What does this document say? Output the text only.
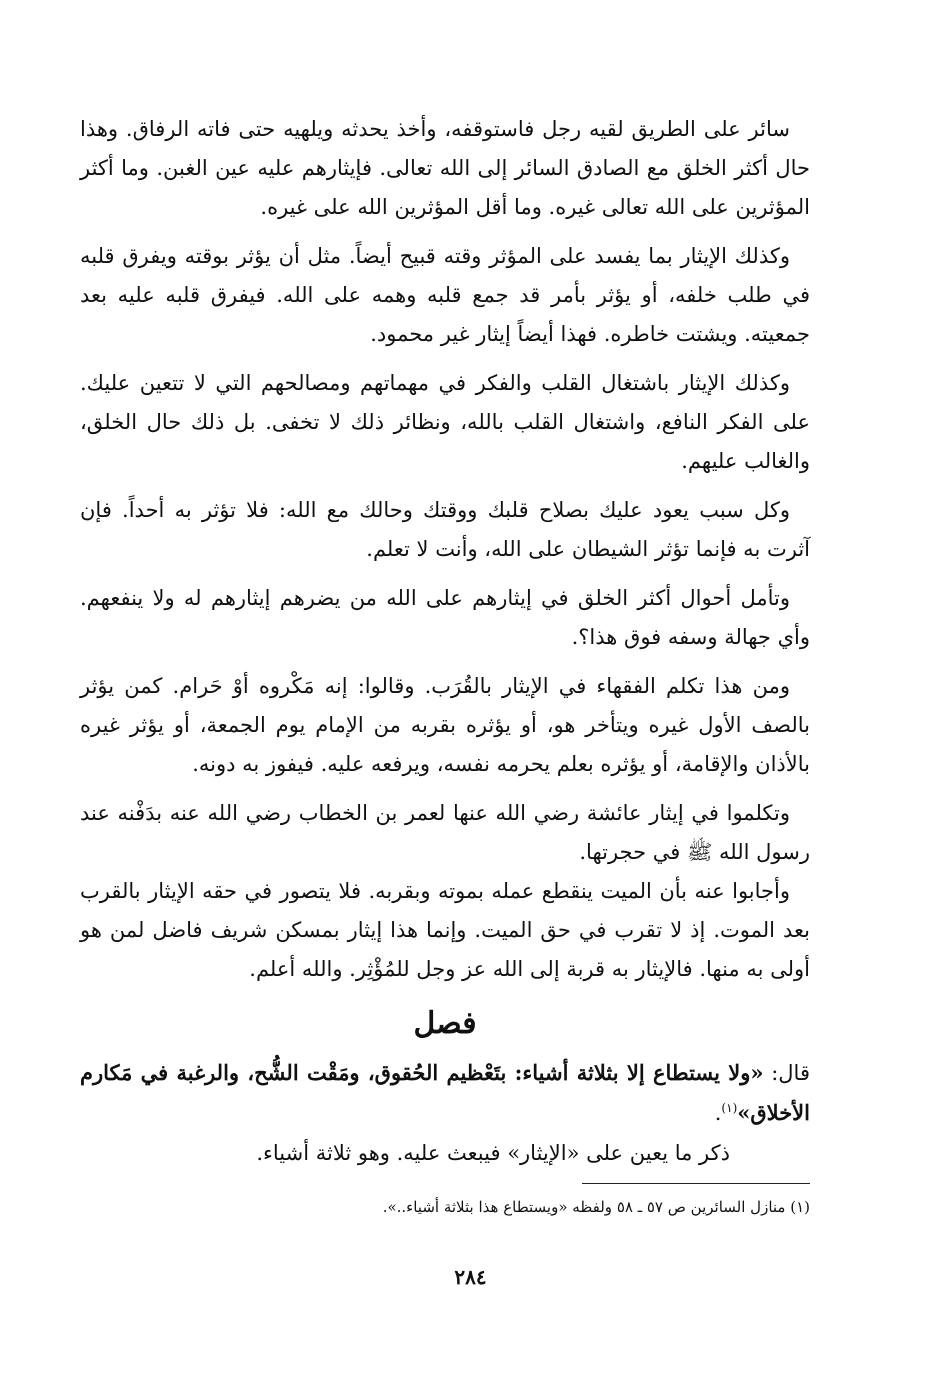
سائر على الطريق لقيه رجل فاستوقفه، وأخذ يحدثه ويلهيه حتى فاته الرفاق. وهذا حال أكثر الخلق مع الصادق السائر إلى الله تعالى. فإيثارهم عليه عين الغبن. وما أكثر المؤثرين على الله تعالى غيره. وما أقل المؤثرين الله على غيره.

وكذلك الإيثار بما يفسد على المؤثر وقته قبيح أيضاً. مثل أن يؤثر بوقته ويفرق قلبه في طلب خلفه، أو يؤثر بأمر قد جمع قلبه وهمه على الله. فيفرق قلبه عليه بعد جمعيته. ويشتت خاطره. فهذا أيضاً إيثار غير محمود.

وكذلك الإيثار باشتغال القلب والفكر في مهماتهم ومصالحهم التي لا تتعين عليك. على الفكر النافع، واشتغال القلب بالله، ونظائر ذلك لا تخفى. بل ذلك حال الخلق، والغالب عليهم.

وكل سبب يعود عليك بصلاح قلبك ووقتك وحالك مع الله: فلا تؤثر به أحداً. فإن آثرت به فإنما تؤثر الشيطان على الله، وأنت لا تعلم.

وتأمل أحوال أكثر الخلق في إيثارهم على الله من يضرهم إيثارهم له ولا ينفعهم. وأي جهالة وسفه فوق هذا؟.

ومن هذا تكلم الفقهاء في الإيثار بالقُرَب. وقالوا: إنه مَكْروه أوْ حَرام. كمن يؤثر بالصف الأول غيره ويتأخر هو، أو يؤثره بقربه من الإمام يوم الجمعة، أو يؤثر غيره بالأذان والإقامة، أو يؤثره بعلم يحرمه نفسه، ويرفعه عليه. فيفوز به دونه.

وتكلموا في إيثار عائشة رضي الله عنها لعمر بن الخطاب رضي الله عنه بدَفْنه عند رسول الله ﷺ في حجرتها.

وأجابوا عنه بأن الميت ينقطع عمله بموته وبقربه. فلا يتصور في حقه الإيثار بالقرب بعد الموت. إذ لا تقرب في حق الميت. وإنما هذا إيثار بمسكن شريف فاضل لمن هو أولى به منها. فالإيثار به قربة إلى الله عز وجل للمُؤْثِر. والله أعلم.

فصل

قال: «ولا يستطاع إلا بثلاثة أشياء: بتَعْظيم الحُقوق، ومَقْت الشُّح، والرغبة في مَكارم الأخلاق»$^{(١)}$.

ذكر ما يعين على «الإيثار» فيبعث عليه. وهو ثلاثة أشياء.

(١) منازل السائرين ص ٥٧ ـ ٥٨ ولفظه «ويستطاع هذا بثلاثة أشياء..».
٢٨٤
